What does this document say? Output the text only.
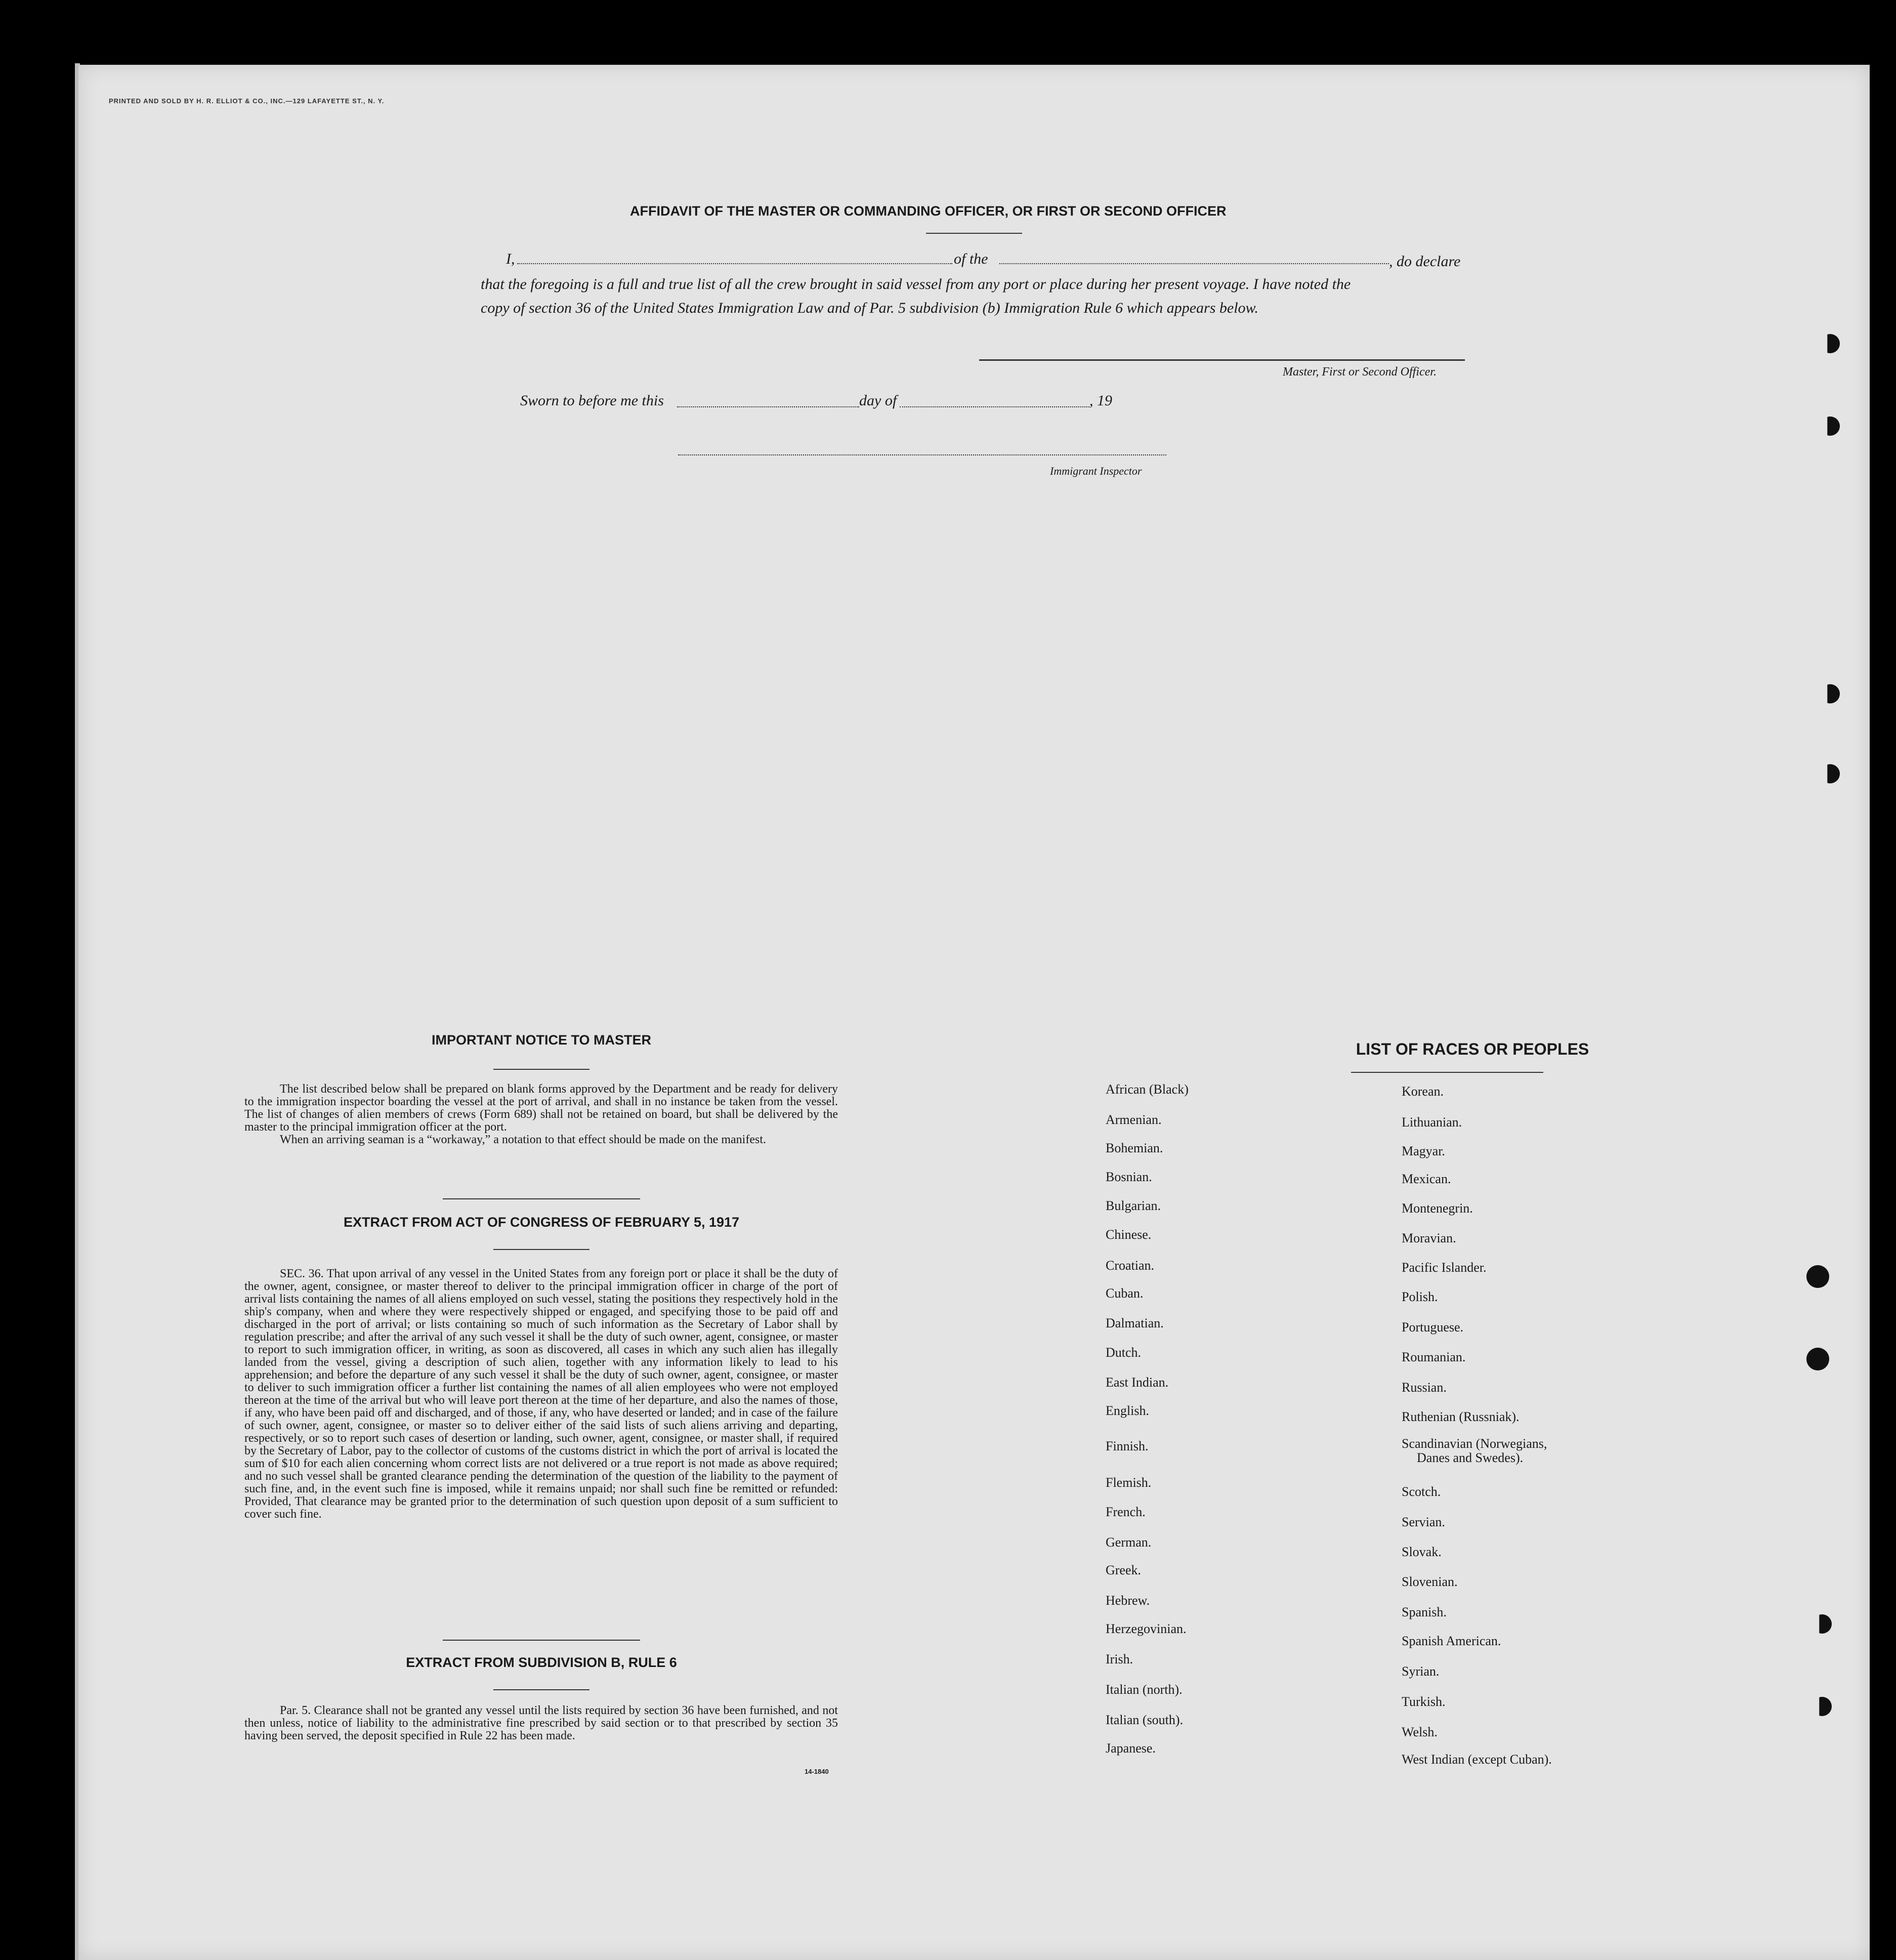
PRINTED AND SOLD BY H. R. ELLIOT & CO., INC.—129 LAFAYETTE ST., N. Y.
AFFIDAVIT OF THE MASTER OR COMMANDING OFFICER, OR FIRST OR SECOND OFFICER
I,	of the	, do declare
that the foregoing is a full and true list of all the crew brought in said vessel from any port or place during her present voyage. I have noted the
copy of section 36 of the United States Immigration Law and of Par. 5 subdivision (b) Immigration Rule 6 which appears below.
Master, First or Second Officer.
Sworn to before me this	day of	, 19
Immigrant Inspector
IMPORTANT NOTICE TO MASTER

The list described below shall be prepared on blank forms approved by the Department and be ready for delivery to the immigration inspector boarding the vessel at the port of arrival, and shall in no instance be taken from the vessel. The list of changes of alien members of crews (Form 689) shall not be retained on board, but shall be delivered by the master to the principal immigration officer at the port.

When an arriving seaman is a “workaway,” a notation to that effect should be made on the manifest.

EXTRACT FROM ACT OF CONGRESS OF FEBRUARY 5, 1917

SEC. 36. That upon arrival of any vessel in the United States from any foreign port or place it shall be the duty of the owner, agent, consignee, or master thereof to deliver to the principal immigration officer in charge of the port of arrival lists containing the names of all aliens employed on such vessel, stating the positions they respectively hold in the ship's company, when and where they were respectively shipped or engaged, and specifying those to be paid off and discharged in the port of arrival; or lists containing so much of such information as the Secretary of Labor shall by regulation prescribe; and after the arrival of any such vessel it shall be the duty of such owner, agent, consignee, or master to report to such immigration officer, in writing, as soon as discovered, all cases in which any such alien has illegally landed from the vessel, giving a description of such alien, together with any information likely to lead to his apprehension; and before the departure of any such vessel it shall be the duty of such owner, agent, consignee, or master to deliver to such immigration officer a further list containing the names of all alien employees who were not employed thereon at the time of the arrival but who will leave port thereon at the time of her departure, and also the names of those, if any, who have been paid off and discharged, and of those, if any, who have deserted or landed; and in case of the failure of such owner, agent, consignee, or master so to deliver either of the said lists of such aliens arriving and departing, respectively, or so to report such cases of desertion or landing, such owner, agent, consignee, or master shall, if required by the Secretary of Labor, pay to the collector of customs of the customs district in which the port of arrival is located the sum of $10 for each alien concerning whom correct lists are not delivered or a true report is not made as above required; and no such vessel shall be granted clearance pending the determination of the question of the liability to the payment of such fine, and, in the event such fine is imposed, while it remains unpaid; nor shall such fine be remitted or refunded: Provided, That clearance may be granted prior to the determination of such question upon deposit of a sum sufficient to cover such fine.

EXTRACT FROM SUBDIVISION B, RULE 6

Par. 5. Clearance shall not be granted any vessel until the lists required by section 36 have been furnished, and not then unless, notice of liability to the administrative fine prescribed by said section or to that prescribed by section 35 having been served, the deposit specified in Rule 22 has been made.

14-1840
LIST OF RACES OR PEOPLES
African (Black)
Armenian.
Bohemian.
Bosnian.
Bulgarian.
Chinese.
Croatian.
Cuban.
Dalmatian.
Dutch.
East Indian.
English.
Finnish.
Flemish.
French.
German.
Greek.
Hebrew.
Herzegovinian.
Irish.
Italian (north).
Italian (south).
Japanese.
Korean.
Lithuanian.
Magyar.
Mexican.
Montenegrin.
Moravian.
Pacific Islander.
Polish.
Portuguese.
Roumanian.
Russian.
Ruthenian (Russniak).
Scandinavian (Norwegians,
Danes and Swedes).
Scotch.
Servian.
Slovak.
Slovenian.
Spanish.
Spanish American.
Syrian.
Turkish.
Welsh.
West Indian (except Cuban).
